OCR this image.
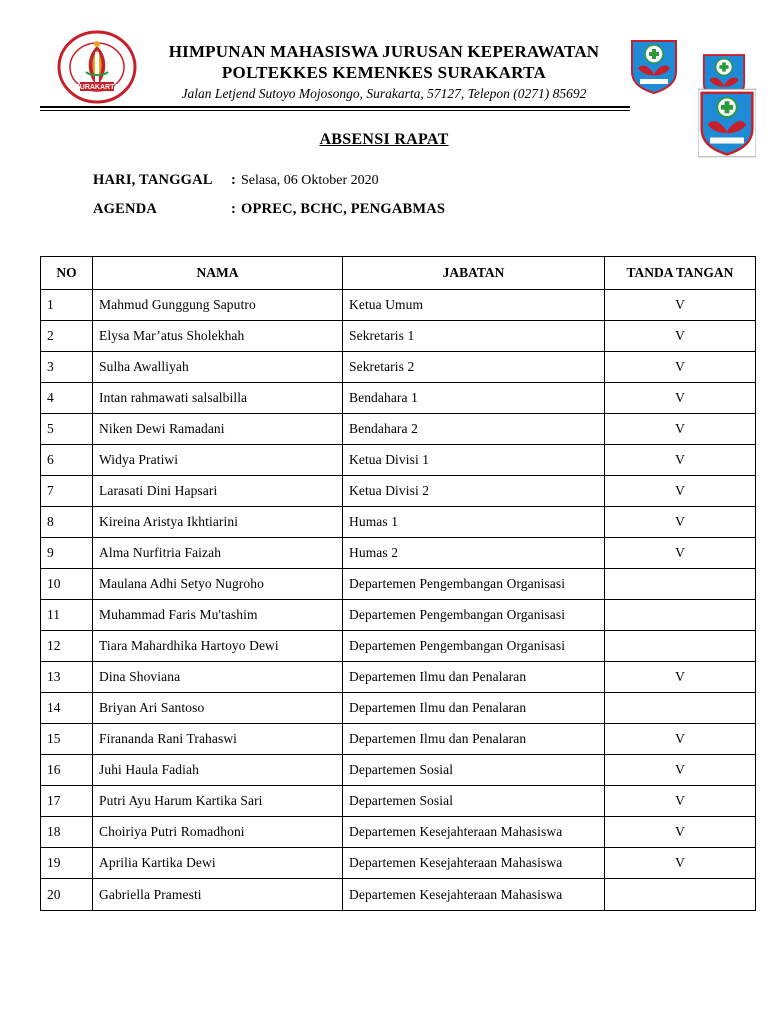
SURAKARTA
HIMPUNAN MAHASISWA JURUSAN KEPERAWATAN
POLTEKKES KEMENKES SURAKARTA
Jalan Letjend Sutoyo Mojosongo, Surakarta, 57127, Telepon (0271) 85692
ABSENSI RAPAT
HARI, TANGGAL : Selasa, 06 Oktober 2020
AGENDA	: OPREC, BCHC, PENGABMAS
NO	NAMA	JABATAN	TANDA TANGAN
1	Mahmud Gunggung Saputro	Ketua Umum	V
2	Elysa Mar’atus Sholekhah	Sekretaris 1	V
3	Sulha Awalliyah	Sekretaris 2	V
4	Intan rahmawati salsalbilla	Bendahara 1	V
5	Niken Dewi Ramadani	Bendahara 2	V
6	Widya Pratiwi	Ketua Divisi 1	V
7	Larasati Dini Hapsari	Ketua Divisi 2	V
8	Kireina Aristya Ikhtiarini	Humas 1	V
9	Alma Nurfitria Faizah	Humas 2	V
10	Maulana Adhi Setyo Nugroho	Departemen Pengembangan Organisasi	
11	Muhammad Faris Mu'tashim	Departemen Pengembangan Organisasi	
12	Tiara Mahardhika Hartoyo Dewi	Departemen Pengembangan Organisasi	
13	Dina Shoviana	Departemen Ilmu dan Penalaran	V
14	Briyan Ari Santoso	Departemen Ilmu dan Penalaran	
15	Firananda Rani Trahaswi	Departemen Ilmu dan Penalaran	V
16	Juhi Haula Fadiah	Departemen Sosial	V
17	Putri Ayu Harum Kartika Sari	Departemen Sosial	V
18	Choiriya Putri Romadhoni	Departemen Kesejahteraan Mahasiswa	V
19	Aprilia Kartika Dewi	Departemen Kesejahteraan Mahasiswa	V
20	Gabriella Pramesti	Departemen Kesejahteraan Mahasiswa	
